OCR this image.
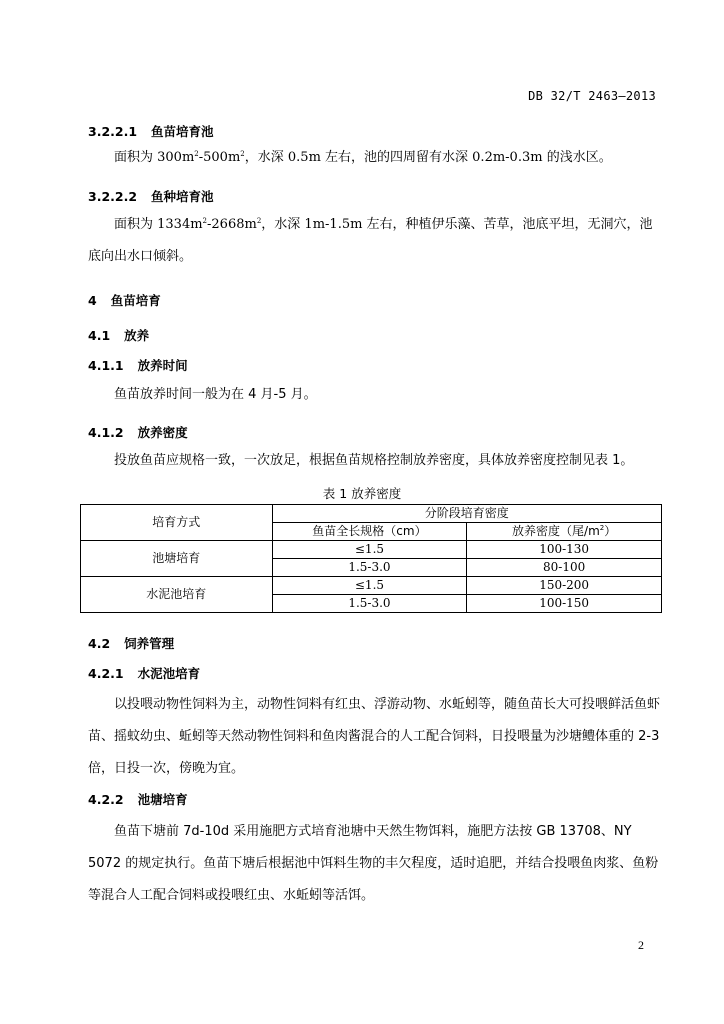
DB 32/T 2463—2013
3.2.2.1 鱼苗培育池
面积为 $300m^2-500m^2$，水深 0.5m 左右，池的四周留有水深 0.2m-0.3m 的浅水区。
3.2.2.2 鱼种培育池
面积为 $1334m^2-2668m^2$，水深 1m-1.5m 左右，种植伊乐藻、苦草，池底平坦，无洞穴，池底向出水口倾斜。
4 鱼苗培育
4.1 放养
4.1.1 放养时间
鱼苗放养时间一般为在 4 月-5 月。
4.1.2 放养密度
投放鱼苗应规格一致，一次放足，根据鱼苗规格控制放养密度，具体放养密度控制见表 1。
表 1 放养密度
培育方式	分阶段培育密度	
	鱼苗全长规格（cm）	放养密度（尾$/m^2$）
池塘培育	≤1.5	100-130
	1.5-3.0	80-100
水泥池培育	≤1.5	150-200
	1.5-3.0	100-150
4.2 饲养管理
4.2.1 水泥池培育
以投喂动物性饲料为主，动物性饲料有红虫、浮游动物、水蚯蚓等，随鱼苗长大可投喂鲜活鱼虾苗、摇蚊幼虫、蚯蚓等天然动物性饲料和鱼肉酱混合的人工配合饲料，日投喂量为沙塘鳢体重的 2-3 倍，日投一次，傍晚为宜。
4.2.2 池塘培育
鱼苗下塘前 7d-10d 采用施肥方式培育池塘中天然生物饵料，施肥方法按 GB 13708、NY 5072 的规定执行。鱼苗下塘后根据池中饵料生物的丰欠程度，适时追肥，并结合投喂鱼肉浆、鱼粉等混合人工配合饲料或投喂红虫、水蚯蚓等活饵。
2
